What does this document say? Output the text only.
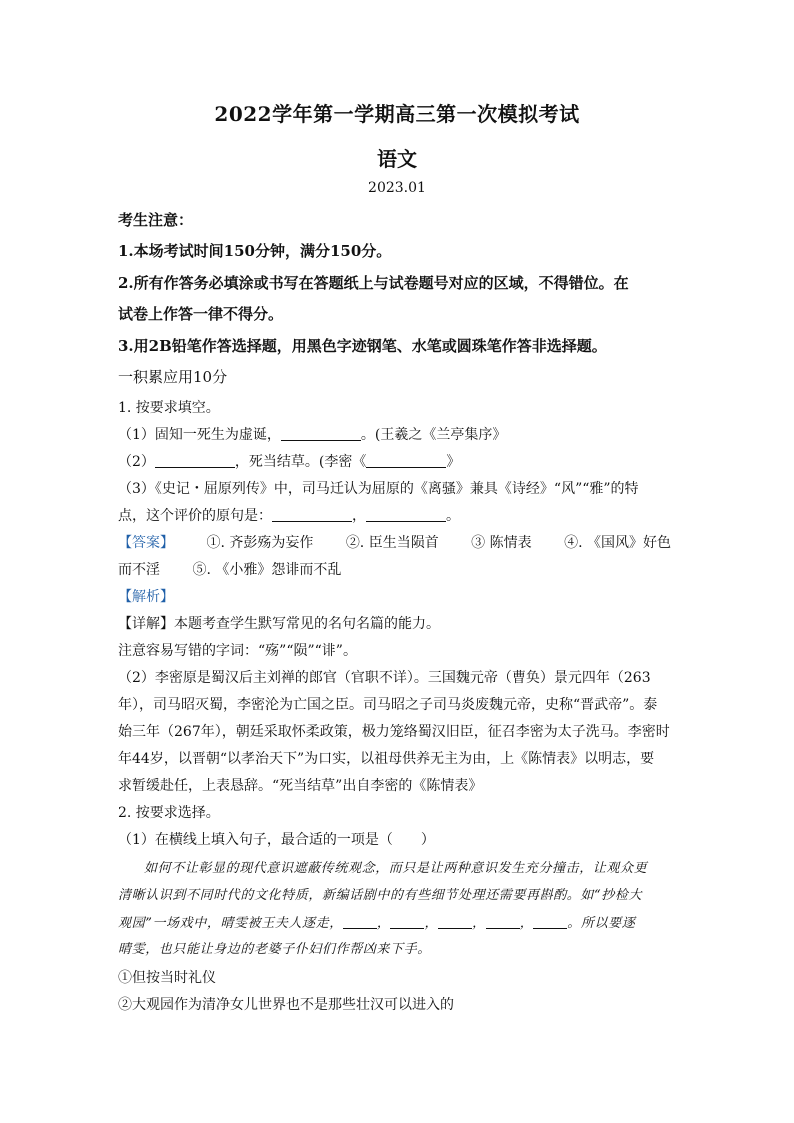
2022学年第一学期高三第一次模拟考试
语文
2023.01
考生注意：
1.本场考试时间150分钟，满分150分。
2.所有作答务必填涂或书写在答题纸上与试卷题号对应的区域，不得错位。在
试卷上作答一律不得分。
3.用2B铅笔作答选择题，用黑色字迹钢笔、水笔或圆珠笔作答非选择题。
一积累应用10分
1. 按要求填空。
（1）固知一死生为虚诞，	。(王羲之《兰亭集序》
（2）	，死当结草。(李密《	》
（3）《史记・屈原列传》中，司马迁认为屈原的《离骚》兼具《诗经》“风”“雅”的特
点，这个评价的原句是：	，	。
【答案】 ①. 齐彭殇为妄作 ②. 臣生当陨首 ③ 陈情表 ④. 《国风》好色
而不淫 ⑤. 《小雅》怨诽而不乱
【解析】
【详解】本题考查学生默写常见的名句名篇的能力。
注意容易写错的字词：“殇”“陨”“诽”。
（2）李密原是蜀汉后主刘禅的郎官（官职不详）。三国魏元帝（曹奂）景元四年（263
年），司马昭灭蜀，李密沦为亡国之臣。司马昭之子司马炎废魏元帝，史称“晋武帝”。泰
始三年（267年），朝廷采取怀柔政策，极力笼络蜀汉旧臣，征召李密为太子洗马。李密时
年44岁，以晋朝“以孝治天下”为口实，以祖母供养无主为由，上《陈情表》以明志，要
求暂缓赴任，上表恳辞。“死当结草”出自李密的《陈情表》
2. 按要求选择。
（1）在横线上填入句子，最合适的一项是（　　）
如何不让彰显的现代意识遮蔽传统观念，而只是让两种意识发生充分撞击，让观众更
清晰认识到不同时代的文化特质，新编话剧中的有些细节处理还需要再斟酌。如“抄检大
观园”一场戏中，晴雯被王夫人逐走，	，	，	，	，	。所以要逐
晴雯，也只能让身边的老婆子仆妇们作帮凶来下手。
①但按当时礼仪
②大观园作为清净女儿世界也不是那些壮汉可以进入的
